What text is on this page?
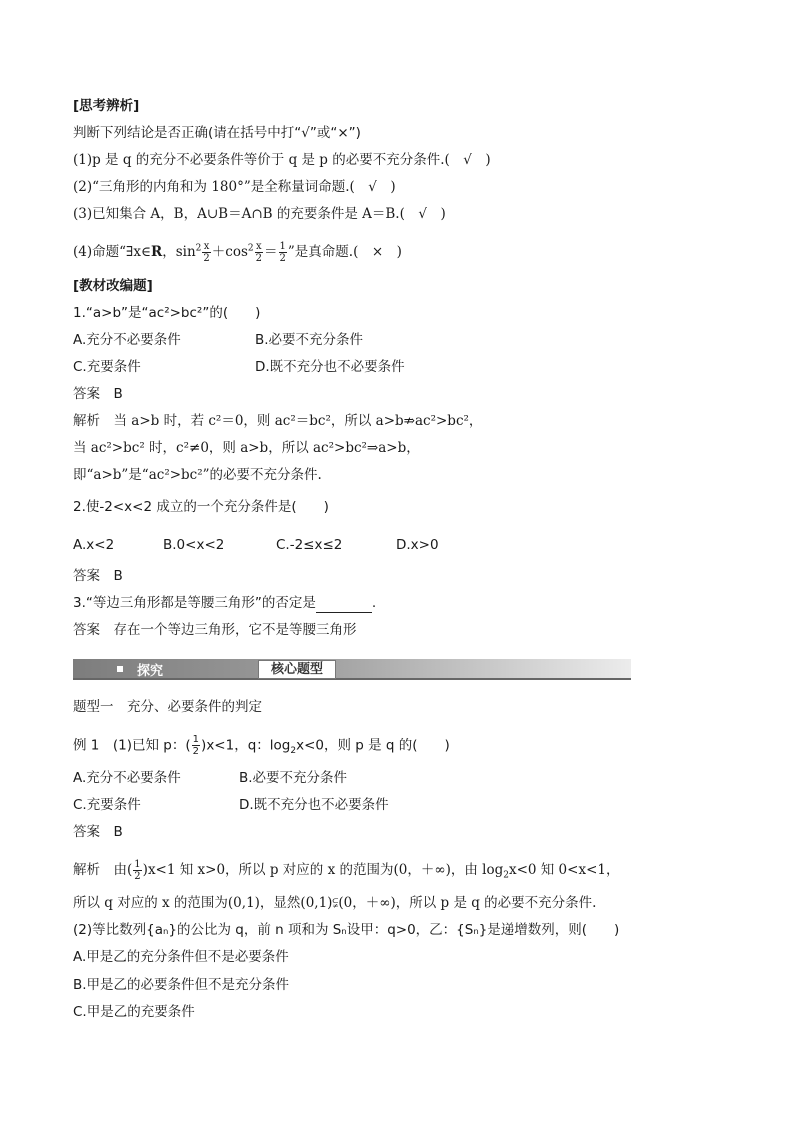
[思考辨析]
判断下列结论是否正确(请在括号中打“√”或“×”)
(1)p 是 q 的充分不必要条件等价于 q 是 p 的必要不充分条件.(　√　)
(2)“三角形的内角和为 180°”是全称量词命题.(　√　)
(3)已知集合 A，B，A∪B＝A∩B 的充要条件是 A＝B.(　√　)
(4)命题“∃x∈R，$\sin^2 \frac{x}{2} +\cos^2 \frac{x}{2} = \frac{1}{2}$ ”是真命题.(　×　)
[教材改编题]
1.“a>b”是“ac²>bc²”的(　　)
A.充分不必要条件	B.必要不充分条件
C.充要条件	D.既不充分也不必要条件
答案　B
解析　当 a>b 时，若 c²＝0，则 ac²＝bc²，所以 a>b⇏ac²>bc²，
当 ac²>bc² 时，c²≠0，则 a>b，所以 ac²>bc²⇒a>b，
即“a>b”是“ac²>bc²”的必要不充分条件.
2.使-2<x<2 成立的一个充分条件是(　　)
A.x<2	B.0<x<2	C.-2≤x≤2	D.x>0
答案　B
3.“等边三角形都是等腰三角形”的否定是	.
答案　存在一个等边三角形，它不是等腰三角形
探究	核心题型
题型一　充分、必要条件的判定
例 1　(1)已知 p：( $\frac{1}{2} )x<1$，q：$\log_2x<0$，则 p 是 q 的(　　)
A.充分不必要条件	B.必要不充分条件
C.充要条件	D.既不充分也不必要条件
答案　B
解析　由( $\frac{1}{2} )x<1$ 知 x>0，所以 p 对应的 x 的范围为(0，＋∞)，由 $\log_2x<0$ 知 0<x<1，
所以 q 对应的 x 的范围为(0,1)，显然(0,1)⫋(0，＋∞)，所以 p 是 q 的必要不充分条件.
(2)等比数列{aₙ}的公比为 q，前 n 项和为 Sₙ设甲：q>0，乙：{Sₙ}是递增数列，则(　　)
A.甲是乙的充分条件但不是必要条件
B.甲是乙的必要条件但不是充分条件
C.甲是乙的充要条件
